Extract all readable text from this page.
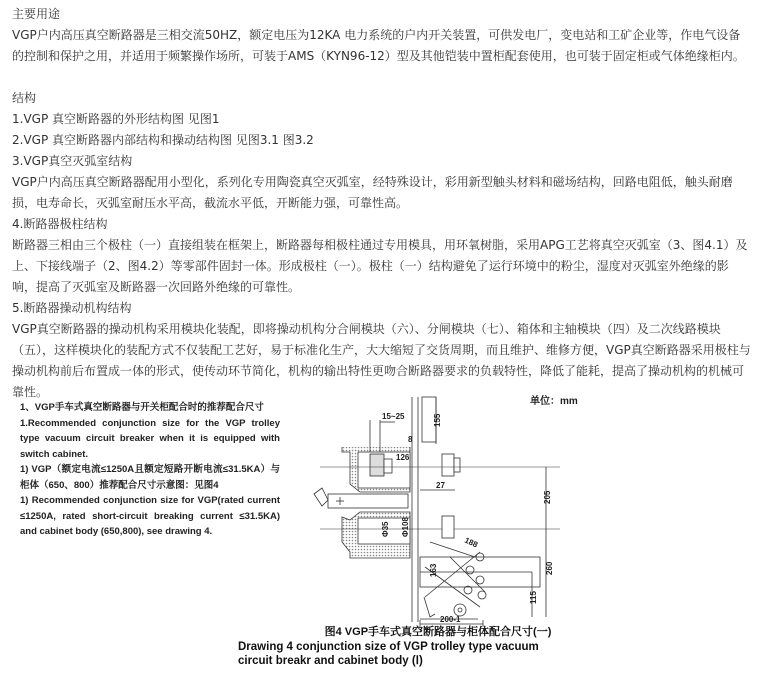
主要用途

VGP户内高压真空断路器是三相交流50HZ，额定电压为12KA 电力系统的户内开关装置，可供发电厂，变电站和工矿企业等，作电气设备的控制和保护之用，并适用于频繁操作场所，可装于AMS（KYN96-12）型及其他铠装中置柜配套使用，也可装于固定柜或气体绝缘柜内。

结构

1.VGP 真空断路器的外形结构图 见图1

2.VGP 真空断路器内部结构和操动结构图 见图3.1 图3.2

3.VGP真空灭弧室结构

VGP户内高压真空断路器配用小型化，系列化专用陶瓷真空灭弧室，经特殊设计，彩用新型触头材料和磁场结构，回路电阻低，触头耐磨损，电寿命长，灭弧室耐压水平高，截流水平低，开断能力强，可靠性高。

4.断路器极柱结构

断路器三相由三个极柱（一）直接组装在框架上，断路器每相极柱通过专用模具，用环氧树脂，采用APG工艺将真空灭弧室（3、图4.1）及上、下接线端子（2、图4.2）等零部件固封一体。形成极柱（一）。极柱（一）结构避免了运行环境中的粉尘，湿度对灭弧室外绝缘的影响，提高了灭弧室及断路器一次回路外绝缘的可靠性。

5.断路器操动机构结构

VGP真空断路器的操动机构采用模块化装配，即将操动机构分合闸模块（六）、分闸模块（七）、箱体和主轴模块（四）及二次线路模块（五），这样模块化的装配方式不仅装配工艺好，易于标准化生产，大大缩短了交货周期，而且维护、维修方便，VGP真空断路器采用极柱与操动机构前后布置成一体的形式，使传动环节简化，机构的输出特性更吻合断路器要求的负载特性，降低了能耗，提高了操动机构的机械可靠性。

1、VGP手车式真空断路器与开关柜配合时的推荐配合尺寸
1.Recommended conjunction size for the VGP trolley type vacuum circuit breaker when it is equipped with switch cabinet.
1) VGP（额定电流≤1250A且额定短路开断电流≤31.5KA）与柜体（650、800）推荐配合尺寸示意图：见图4
1) Recommended conjunction size for VGP(rated current ≤1250A, rated short-circuit breaking current ≤31.5KA) and cabinet body (650,800), see drawing 4.
单位：mm
15~25	155
8
126
27
205
Φ35 Φ108
188
163	260
115
200-1
图4 VGP手车式真空断路器与柜体配合尺寸(一)
Drawing 4 conjunction size of VGP trolley type vacuum
circuit breakr and cabinet body (Ⅰ)
